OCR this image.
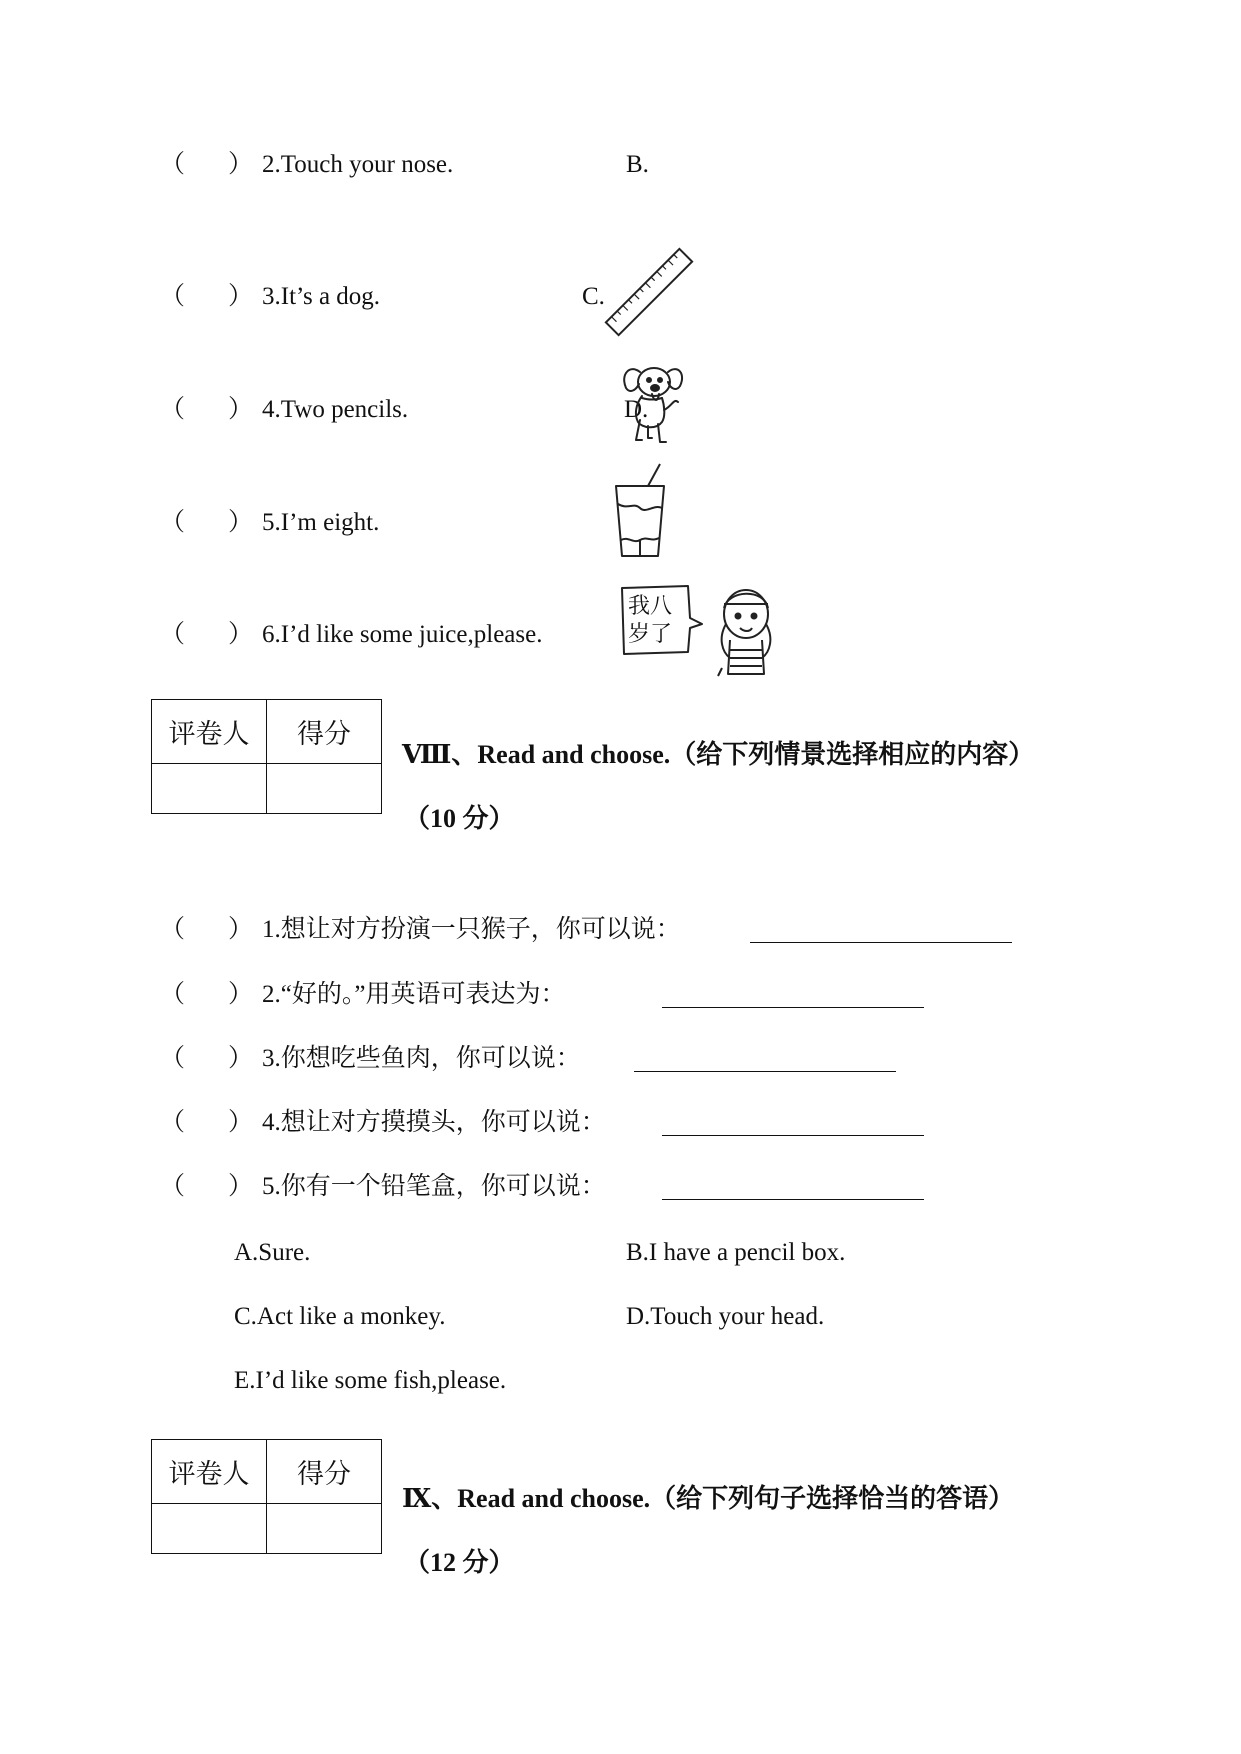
（ ） 2.Touch your nose.	B.
（ ） 3.It’s a dog.	C.
（ ） 4.Two pencils.	D.
（ ） 5.I’m eight.
（ ） 6.I’d like some juice,please.
我八
岁了
评卷人	得分

Ⅷ、Read and choose.（给下列情景选择相应的内容）
（10 分）
（ ） 1.想让对方扮演一只猴子，你可以说：
（ ） 2.“好的。”用英语可表达为：
（ ） 3.你想吃些鱼肉，你可以说：
（ ） 4.想让对方摸摸头，你可以说：
（ ） 5.你有一个铅笔盒，你可以说：
A.Sure.	B.I have a pencil box.
C.Act like a monkey.	D.Touch your head.
E.I’d like some fish,please.
评卷人	得分

Ⅸ、Read and choose.（给下列句子选择恰当的答语）
（12 分）
